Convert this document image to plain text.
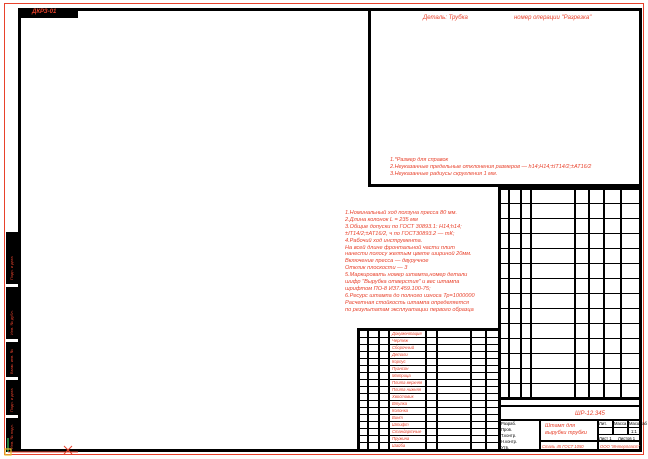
ДКРЗ-01
Деталь: Трубка	номер операции "Разрезка"
1.*Размер для справок
2.Неуказанные предельные отклонения размеров — h14;H14;±IT14/2;±AT16/2
3.Неуказанные радиусы скругления 1 мм.
1.Номинальный ход ползуна пресса 80 мм.
2.Длина колонок L = 235 мм
3.Общие допуски по ГОСТ 30893.1: H14;h14;
±IT14/2;±AT16/2, ч по ГОСТ30893.2 — mК;
4.Рабочий ход инструмента.
На всей длине фронтальной части плит
нанести полосу желтым цвете шириной 20мм.
Включение пресса — двуручное
Отклик плоскости — 3
5.Маркировать номер штампа,номер детали
шифр "Вырубка отверстия" и вес штампа
шрифтом ПО-8 ИЗ7.459.100-75;
6.Ресурс штампа до полного износа Тр=1000000
Расчетная стойкость штампа определяется
по результатам эксплуатации первого образца
Документация
Чертеж
Сборочный
Детали
Корпус
Пуансон
Матрица
Плита верхняя
Плита нижняя
Хвостовик
Втулка
Колонка
Винт
Штифт
Стандартные
Пружина
Шайба
ШР-12.345
Штамп для
вырубки трубки
Сталь 45 ГОСТ 1050	ООО "Интерпласт"
Лит. Масса Масштаб
1:1
Лист 1 Листов 1
Разраб.
Пров.
Т.контр.
Н.контр.
Утв.
Подп. и дата
Инв. № дубл.
Взам. инв. №
Подп. и дата
Инв. № подл.
